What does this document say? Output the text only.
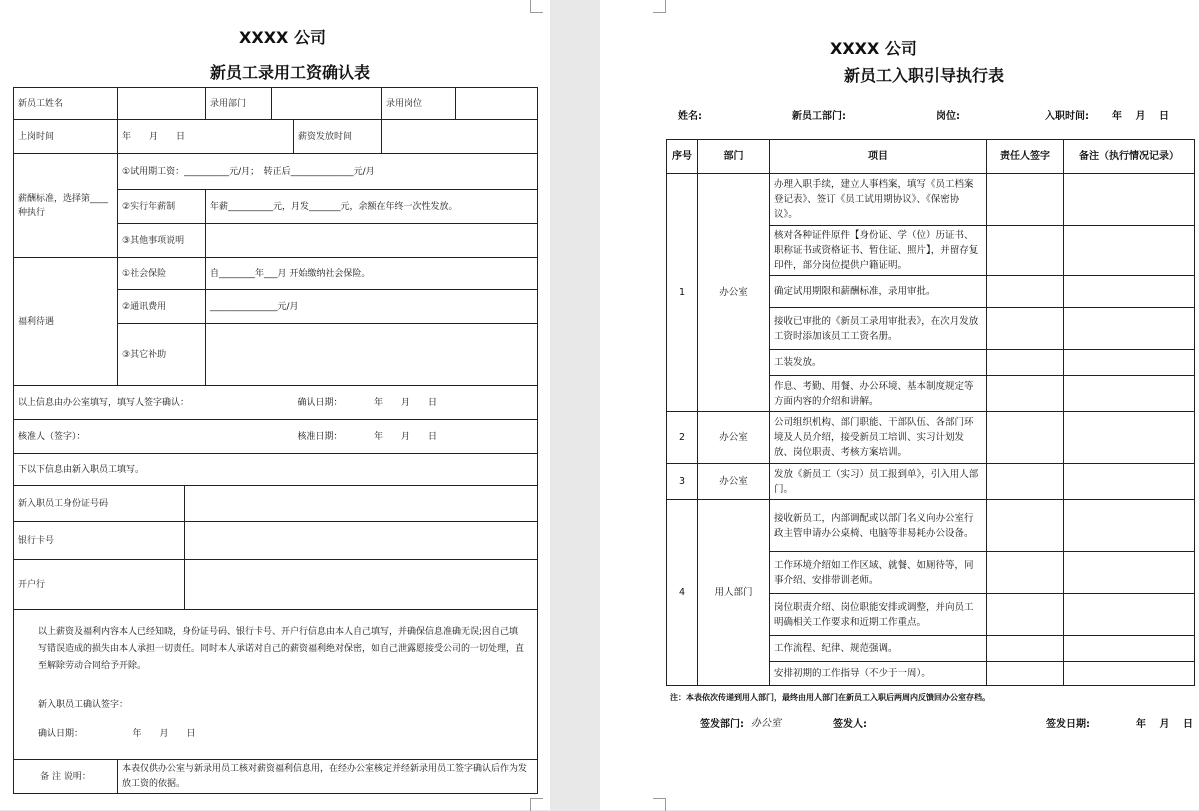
XXXX 公司
新员工录用工资确认表
新员工姓名			录用部门			录用岗位	
上岗时间	年　　月　　日				薪资发放时间		
薪酬标准，选择第____种执行	①试用期工资：__________元/月；　转正后______________元/月						
	②实行年薪制		年薪__________元，月发_______元，余额在年终一次性发放。				
	③其他事项说明						
福利待遇	①社会保险		自________年___月 开始缴纳社会保险。				
	②通讯费用		_______________元/月				
	③其它补助						
以上信息由办公室填写，填写人签字确认：					确认日期：　　　　 年　　月　　日		
核准人（签字）：					核准日期：　　　　 年　　月　　日		
下以下信息由新入职员工填写。							
新入职员工身份证号码							
银行卡号							
开户行							

以上薪资及福利内容本人已经知晓，身份证号码、银行卡号、开户行信息由本人自己填写，并确保信息准确无误;因自己填写错误造成的损失由本人承担一切责任。同时本人承诺对自己的薪资福利绝对保密，如自己泄露愿接受公司的一切处理，直至解除劳动合同给予开除。
新入职员工确认签字：
确认日期：　　　　　　 年　　月　　日							

备 注 说明：	本表仅供办公室与新录用员工核对薪资福利信息用，在经办公室核定并经新录用员工签字确认后作为发放工资的依据。						
XXXX 公司
新员工入职引导执行表
姓名:	新员工部门:	岗位:	入职时间: 年　 月　 日
序号	部门	项目	责任人签字	备注（执行情况记录）
1	办公室	办理入职手续，建立人事档案，填写《员工档案登记表》、签订《员工试用期协议》、《保密协议》。		
		核对各种证件原件【身份证、学（位）历证书、职称证书或资格证书、暂住证、照片】，并留存复印件，部分岗位提供户籍证明。		
		确定试用期限和薪酬标准，录用审批。		
		接收已审批的《新员工录用审批表》，在次月发放工资时添加该员工工资名册。		
		工装发放。		
		作息、考勤、用餐、办公环境、基本制度规定等方面内容的介绍和讲解。		
2	办公室	公司组织机构、部门职能、干部队伍、各部门环境及人员介绍，接受新员工培训、实习计划发放、岗位职责、考核方案培训。		
3	办公室	发放《新员工（实习）员工报到单》，引入用人部门。		
4	用人部门	接收新员工，内部调配或以部门名义向办公室行政主管申请办公桌椅、电脑等非易耗办公设备。		
		工作环境介绍如工作区域、就餐、如厕待等，同事介绍、安排带训老师。		
		岗位职责介绍、岗位职能安排或调整，并向员工明确相关工作要求和近期工作重点。		
		工作流程、纪律、规范强调。		
		安排初期的工作指导（不少于一周）。		
注：本表依次传递到用人部门，最终由用人部门在新员工入职后两周内反馈回办公室存档。
签发部门: 办公室	签发人:	签发日期:	年　 月　 日
